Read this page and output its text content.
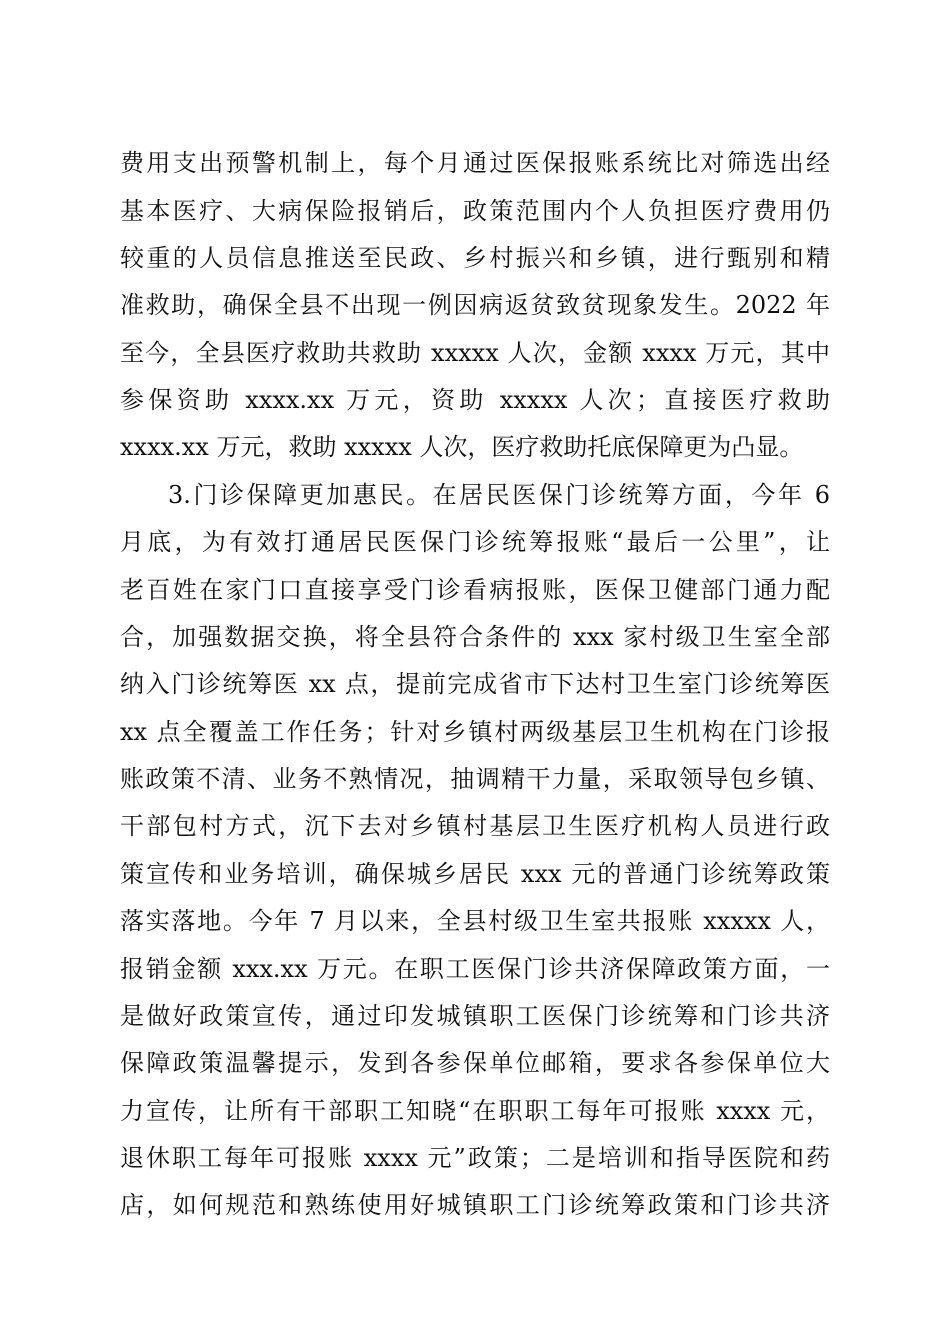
费用支出预警机制上，每个月通过医保报账系统比对筛选出经

基本医疗、大病保险报销后，政策范围内个人负担医疗费用仍

较重的人员信息推送至民政、乡村振兴和乡镇，进行甄别和精

准救助，确保全县不出现一例因病返贫致贫现象发生。2022 年

至今，全县医疗救助共救助 xxxxx 人次，金额 xxxx 万元，其中

参保资助 xxxx.xx 万元，资助 xxxxx 人次；直接医疗救助

xxxx.xx 万元，救助 xxxxx 人次，医疗救助托底保障更为凸显。

3.门诊保障更加惠民。在居民医保门诊统筹方面，今年 6

月底，为有效打通居民医保门诊统筹报账“最后一公里”，让

老百姓在家门口直接享受门诊看病报账，医保卫健部门通力配

合，加强数据交换，将全县符合条件的 xxx 家村级卫生室全部

纳入门诊统筹医 xx 点，提前完成省市下达村卫生室门诊统筹医

xx 点全覆盖工作任务；针对乡镇村两级基层卫生机构在门诊报

账政策不清、业务不熟情况，抽调精干力量，采取领导包乡镇、

干部包村方式，沉下去对乡镇村基层卫生医疗机构人员进行政

策宣传和业务培训，确保城乡居民 xxx 元的普通门诊统筹政策

落实落地。今年 7 月以来，全县村级卫生室共报账 xxxxx 人，

报销金额 xxx.xx 万元。在职工医保门诊共济保障政策方面，一

是做好政策宣传，通过印发城镇职工医保门诊统筹和门诊共济

保障政策温馨提示，发到各参保单位邮箱，要求各参保单位大

力宣传，让所有干部职工知晓“在职职工每年可报账 xxxx 元，

退休职工每年可报账 xxxx 元”政策；二是培训和指导医院和药

店，如何规范和熟练使用好城镇职工门诊统筹政策和门诊共济
